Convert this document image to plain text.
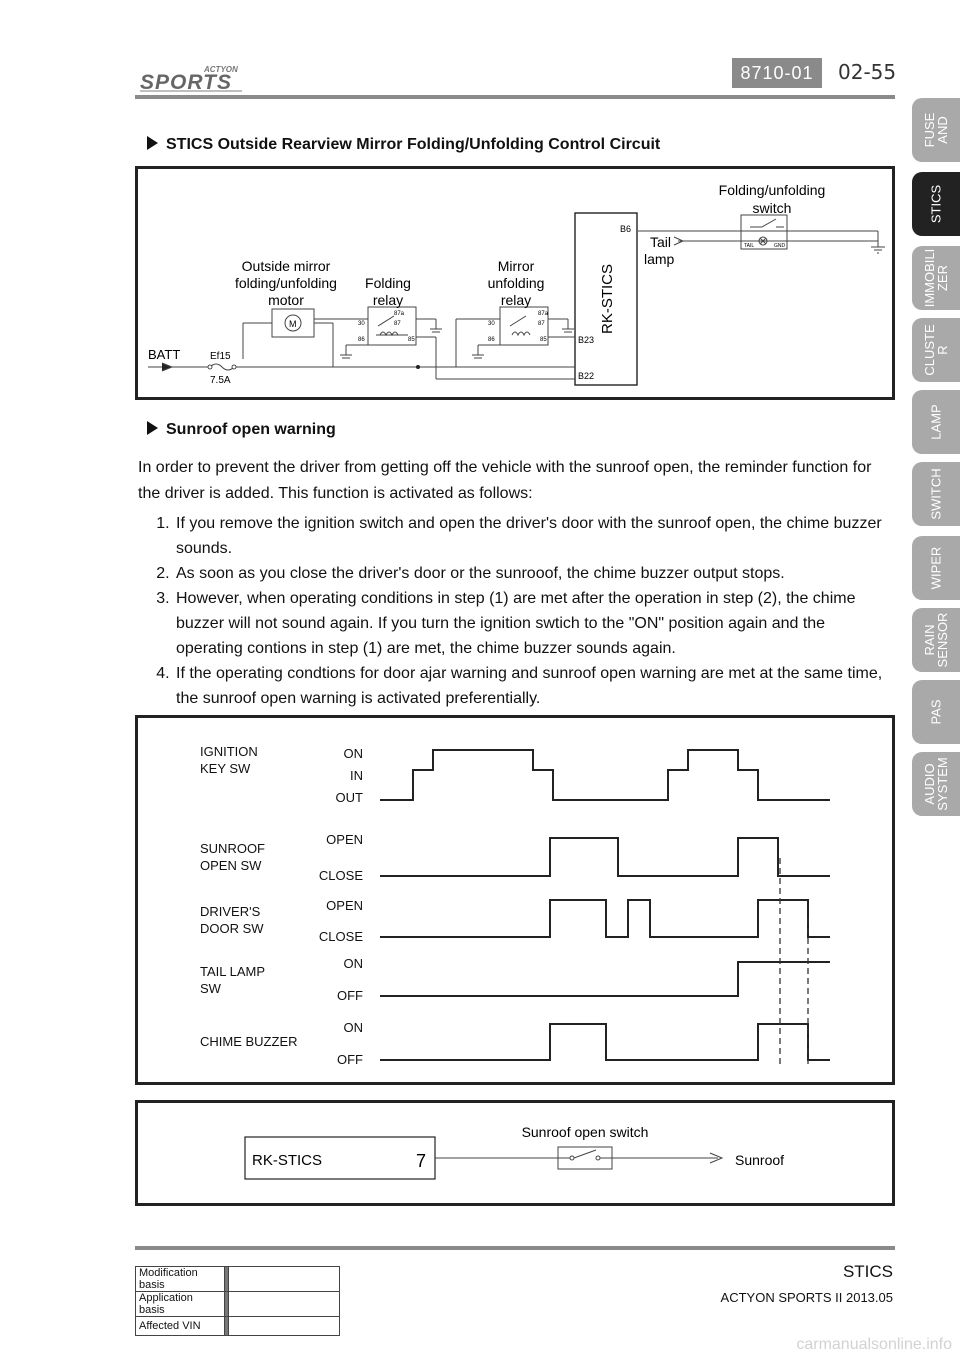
ACTYON
SPORTS	8710-01	02-55
FUSE
AND
STICS
IMMOBILI
ZER
CLUSTE
R
LAMP
SWITCH
WIPER
RAIN
SENSOR
PAS
AUDIO
SYSTEM
STICS Outside Rearview Mirror Folding/Unfolding Control Circuit
Folding/unfolding
switch
Outside mirror
folding/unfolding
motor
Folding
relay
Mirror
unfolding
relay	RK-STICS
B6
B23
B22
Tail
lamp
BATT	Ef15
7.5A
M
87a
30	87
86	85
87a
30	87
86	85
TAIL	GND
Sunroof open warning
In order to prevent the driver from getting off the vehicle with the sunroof open, the reminder function for the driver is added. This function is activated as follows:
1. If you remove the ignition switch and open the driver's door with the sunroof open, the chime buzzer sounds.
2. As soon as you close the driver's door or the sunrooof, the chime buzzer output stops.
3. However, when operating conditions in step (1) are met after the operation in step (2), the chime buzzer will not sound again. If you turn the ignition swtich to the "ON" position again and the operating contions in step (1) are met, the chime buzzer sounds again.
4. If the operating condtions for door ajar warning and sunroof open warning are met at the same time, the sunroof open warning is activated preferentially.
IGNITION
KEY SW
SUNROOF
OPEN SW
DRIVER'S
DOOR SW
TAIL LAMP
SW
CHIME BUZZER
ON
IN
OUT
OPEN
CLOSE
OPEN
CLOSE
ON
OFF
ON
OFF
RK-STICS	7
Sunroof open switch
Sunroof
Modification basis		
Application basis		
Affected VIN		
STICS
ACTYON SPORTS II 2013.05
carmanualsonline.info
